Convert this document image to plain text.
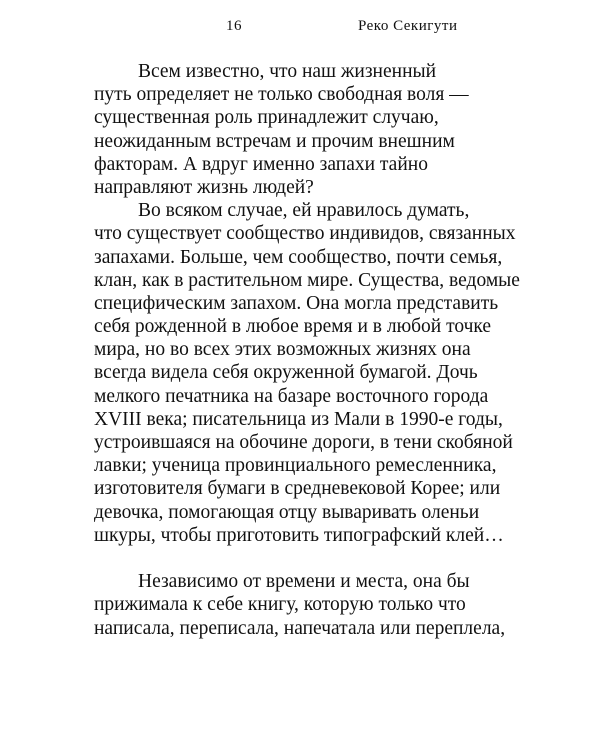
16	Реко Секигути
Всем известно, что наш жизненный
путь определяет не только свободная воля —
существенная роль принадлежит случаю,
неожиданным встречам и прочим внешним
факторам. А вдруг именно запахи тайно
направляют жизнь людей?
Во всяком случае, ей нравилось думать,
что существует сообщество индивидов, связанных
запахами. Больше, чем сообщество, почти семья,
клан, как в растительном мире. Существа, ведомые
специфическим запахом. Она могла представить
себя рожденной в любое время и в любой точке
мира, но во всех этих возможных жизнях она
всегда видела себя окруженной бумагой. Дочь
мелкого печатника на базаре восточного города
XVIII века; писательница из Мали в 1990-е годы,
устроившаяся на обочине дороги, в тени скобяной
лавки; ученица провинциального ремесленника,
изготовителя бумаги в средневековой Корее; или
девочка, помогающая отцу вываривать оленьи
шкуры, чтобы приготовить типографский клей…
Независимо от времени и места, она бы
прижимала к себе книгу, которую только что
написала, переписала, напечатала или переплела,
